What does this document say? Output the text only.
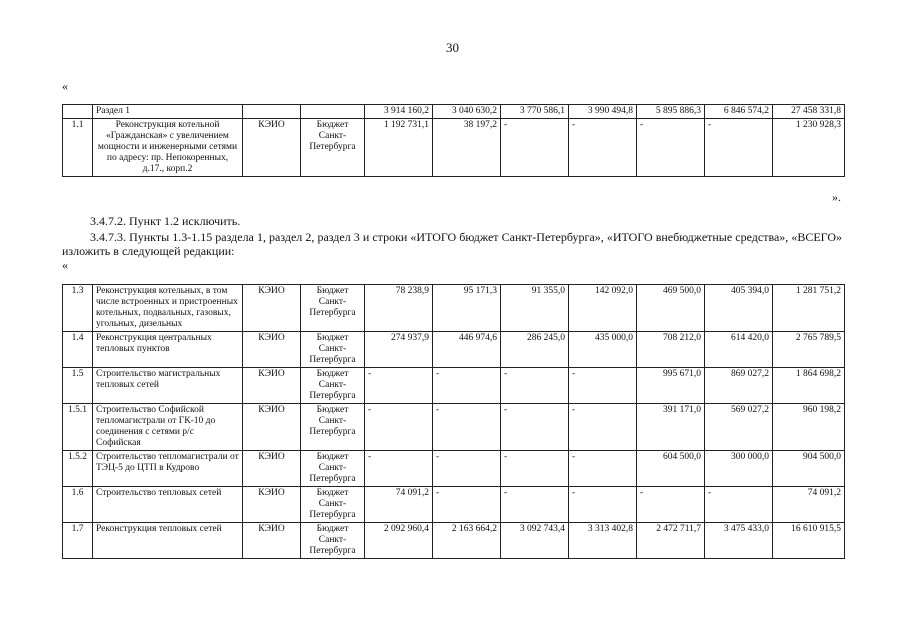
30
«
	Раздел 1			3 914 160,2	3 040 630,2	3 770 586,1	3 990 494,8	5 895 886,3	6 846 574,2	27 458 331,8
1.1	Реконструкция котельной «Гражданская» с увеличением мощности и инженерными сетями по адресу: пр. Непокоренных, д.17., корп.2	КЭИО	Бюджет Санкт-Петербурга	1 192 731,1	38 197,2	-	-	-	-	1 230 928,3
».
3.4.7.2. Пункт 1.2 исключить.
3.4.7.3. Пункты 1.3-1.15 раздела 1, раздел 2, раздел 3 и строки «ИТОГО бюджет Санкт-Петербурга», «ИТОГО внебюджетные средства», «ВСЕГО» изложить в следующей редакции:
«
1.3	Реконструкция котельных, в том числе встроенных и пристроенных котельных, подвальных, газовых, угольных, дизельных	КЭИО	Бюджет Санкт-Петербурга	78 238,9	95 171,3	91 355,0	142 092,0	469 500,0	405 394,0	1 281 751,2
1.4	Реконструкция центральных тепловых пунктов	КЭИО	Бюджет Санкт-Петербурга	274 937,9	446 974,6	286 245,0	435 000,0	708 212,0	614 420,0	2 765 789,5
1.5	Строительство магистральных тепловых сетей	КЭИО	Бюджет Санкт-Петербурга	-	-	-	-	995 671,0	869 027,2	1 864 698,2
1.5.1	Строительство Софийской тепломагистрали от ГК-10 до соединения с сетями р/с Софийская	КЭИО	Бюджет Санкт-Петербурга	-	-	-	-	391 171,0	569 027,2	960 198,2
1.5.2	Строительство тепломагистрали от ТЭЦ-5 до ЦТП в Кудрово	КЭИО	Бюджет Санкт-Петербурга	-	-	-	-	604 500,0	300 000,0	904 500,0
1.6	Строительство тепловых сетей	КЭИО	Бюджет Санкт-Петербурга	74 091,2	-	-	-	-	-	74 091,2
1.7	Реконструкция тепловых сетей	КЭИО	Бюджет Санкт-Петербурга	2 092 960,4	2 163 664,2	3 092 743,4	3 313 402,8	2 472 711,7	3 475 433,0	16 610 915,5
